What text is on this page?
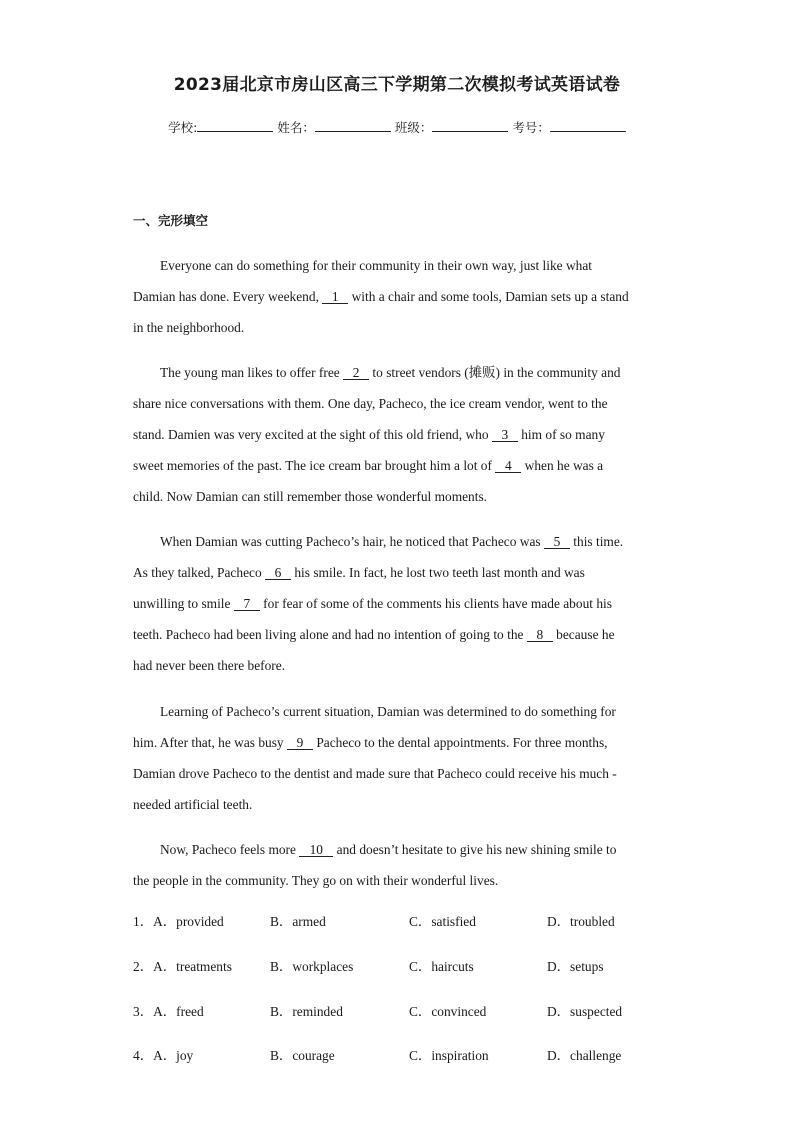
2023届北京市房山区高三下学期第二次模拟考试英语试卷
学校:	姓名：	班级：	考号：
一、完形填空
Everyone can do something for their community in their own way, just like what
Damian has done. Every weekend, 1 with a chair and some tools, Damian sets up a stand
in the neighborhood.
The young man likes to offer free 2 to street vendors (摊贩) in the community and
share nice conversations with them. One day, Pacheco, the ice cream vendor, went to the
stand. Damien was very excited at the sight of this old friend, who 3 him of so many
sweet memories of the past. The ice cream bar brought him a lot of 4 when he was a
child. Now Damian can still remember those wonderful moments.
When Damian was cutting Pacheco’s hair, he noticed that Pacheco was 5 this time.
As they talked, Pacheco 6 his smile. In fact, he lost two teeth last month and was
unwilling to smile 7 for fear of some of the comments his clients have made about his
teeth. Pacheco had been living alone and had no intention of going to the 8 because he
had never been there before.
Learning of Pacheco’s current situation, Damian was determined to do something for
him. After that, he was busy 9 Pacheco to the dental appointments. For three months,
Damian drove Pacheco to the dentist and made sure that Pacheco could receive his much -
needed artificial teeth.
Now, Pacheco feels more 10 and doesn’t hesitate to give his new shining smile to
the people in the community. They go on with their wonderful lives.
1．A．provided	B．armed	C．satisfied	D．troubled
2．A．treatments	B．workplaces	C．haircuts	D．setups
3．A．freed	B．reminded	C．convinced	D．suspected
4．A．joy	B．courage	C．inspiration	D．challenge
